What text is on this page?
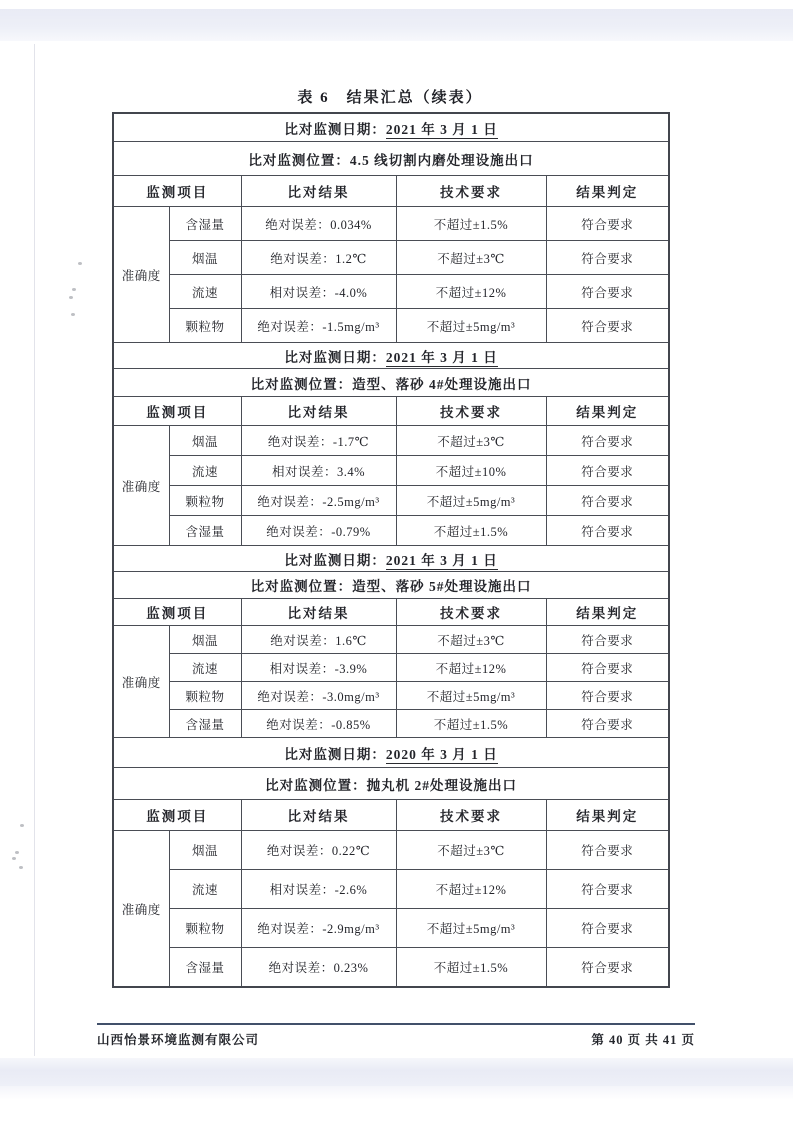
表 6　结果汇总（续表）
比对监测日期：2021 年 3 月 1 日				
比对监测位置：4.5 线切割内磨处理设施出口				
监测项目		比对结果	技术要求	结果判定
准确度	含湿量	绝对误差：0.034%	不超过±1.5%	符合要求
	烟温	绝对误差：1.2℃	不超过±3℃	符合要求
	流速	相对误差：-4.0%	不超过±12%	符合要求
	颗粒物	绝对误差：-1.5mg/m³	不超过±5mg/m³	符合要求
比对监测日期：2021 年 3 月 1 日				
比对监测位置：造型、落砂 4#处理设施出口				
监测项目		比对结果	技术要求	结果判定
准确度	烟温	绝对误差：-1.7℃	不超过±3℃	符合要求
	流速	相对误差：3.4%	不超过±10%	符合要求
	颗粒物	绝对误差：-2.5mg/m³	不超过±5mg/m³	符合要求
	含湿量	绝对误差：-0.79%	不超过±1.5%	符合要求
比对监测日期：2021 年 3 月 1 日				
比对监测位置：造型、落砂 5#处理设施出口				
监测项目		比对结果	技术要求	结果判定
准确度	烟温	绝对误差：1.6℃	不超过±3℃	符合要求
	流速	相对误差：-3.9%	不超过±12%	符合要求
	颗粒物	绝对误差：-3.0mg/m³	不超过±5mg/m³	符合要求
	含湿量	绝对误差：-0.85%	不超过±1.5%	符合要求
比对监测日期：2020 年 3 月 1 日				
比对监测位置：抛丸机 2#处理设施出口				
监测项目		比对结果	技术要求	结果判定
准确度	烟温	绝对误差：0.22℃	不超过±3℃	符合要求
	流速	相对误差：-2.6%	不超过±12%	符合要求
	颗粒物	绝对误差：-2.9mg/m³	不超过±5mg/m³	符合要求
	含湿量	绝对误差：0.23%	不超过±1.5%	符合要求
山西怡景环境监测有限公司	第 40 页 共 41 页
